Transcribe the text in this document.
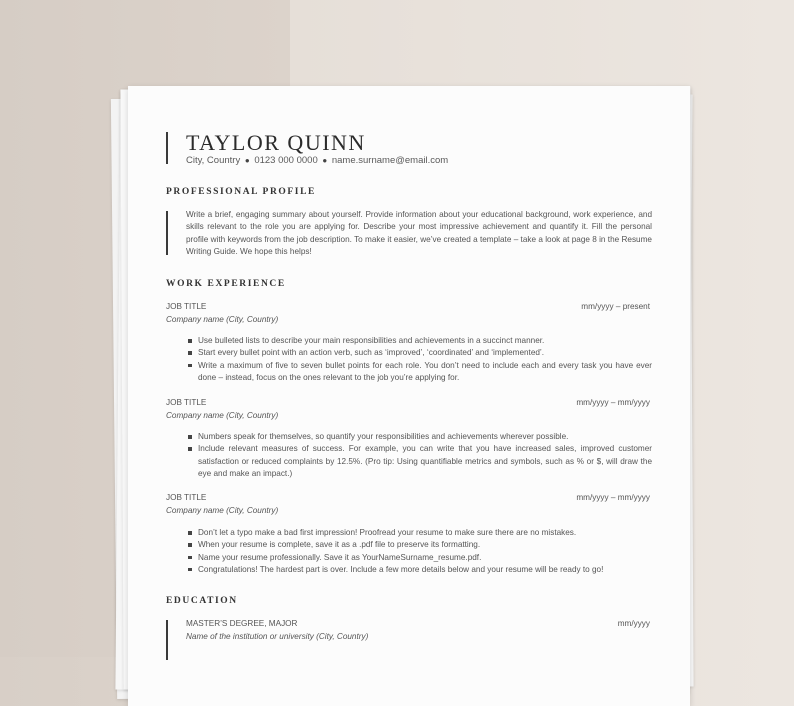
TAYLOR QUINN
City, Country ● 0123 000 0000 ● name.surname@email.com
PROFESSIONAL PROFILE
Write a brief, engaging summary about yourself. Provide information about your educational background, work experience, and skills relevant to the role you are applying for. Describe your most impressive achievement and quantify it. Fill the personal profile with keywords from the job description. To make it easier, we’ve created a template – take a look at page 8 in the Resume Writing Guide. We hope this helps!
WORK EXPERIENCE
JOB TITLE	mm/yyyy – present
Company name (City, Country)
Use bulleted lists to describe your main responsibilities and achievements in a succinct manner.
Start every bullet point with an action verb, such as ‘improved’, ‘coordinated’ and ‘implemented’.
Write a maximum of five to seven bullet points for each role. You don’t need to include each and every task you have ever done – instead, focus on the ones relevant to the job you’re applying for.
JOB TITLE	mm/yyyy – mm/yyyy
Company name (City, Country)
Numbers speak for themselves, so quantify your responsibilities and achievements wherever possible.
Include relevant measures of success. For example, you can write that you have increased sales, improved customer satisfaction or reduced complaints by 12.5%. (Pro tip: Using quantifiable metrics and symbols, such as % or $, will draw the eye and make an impact.)
JOB TITLE	mm/yyyy – mm/yyyy
Company name (City, Country)
Don’t let a typo make a bad first impression! Proofread your resume to make sure there are no mistakes.
When your resume is complete, save it as a .pdf file to preserve its formatting.
Name your resume professionally. Save it as YourNameSurname_resume.pdf.
Congratulations! The hardest part is over. Include a few more details below and your resume will be ready to go!
EDUCATION
MASTER’S DEGREE, MAJOR	mm/yyyy
Name of the institution or university (City, Country)
